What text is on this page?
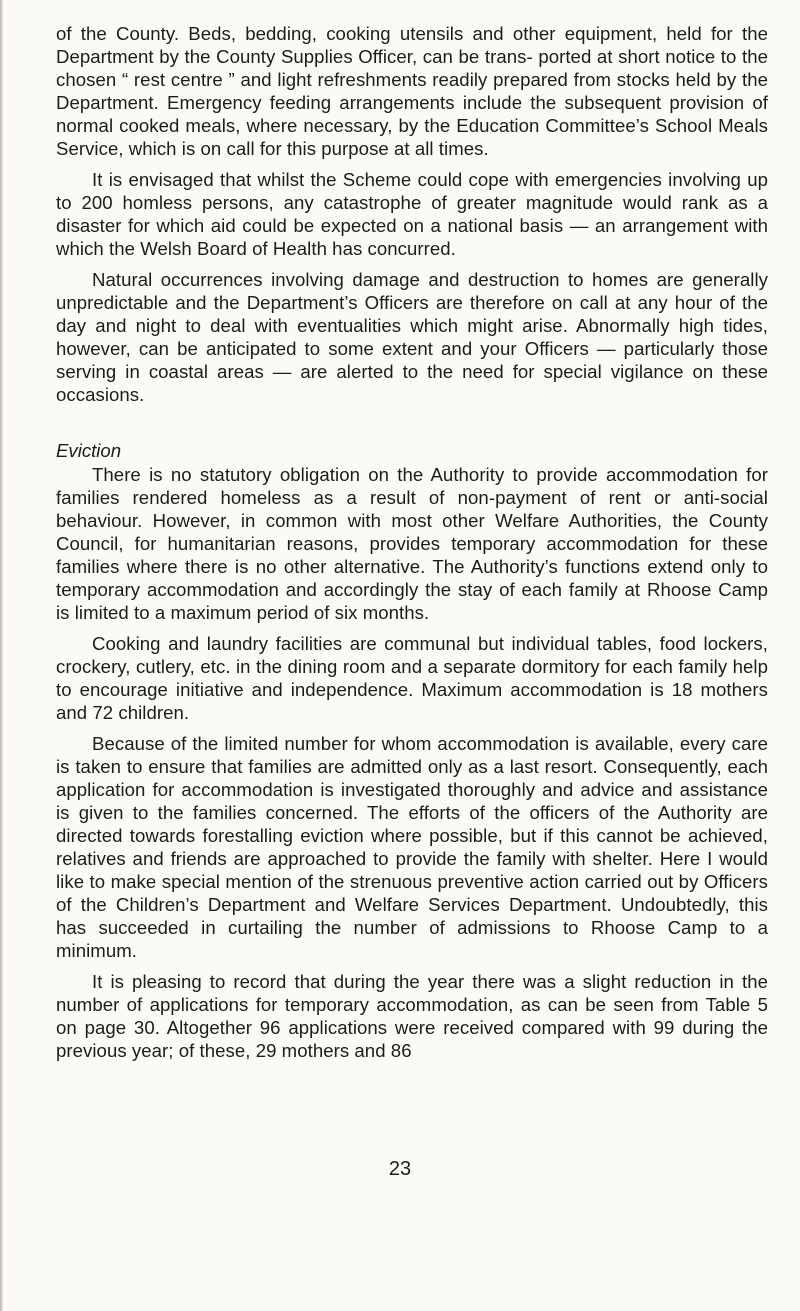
of the County. Beds, bedding, cooking utensils and other equipment, held for the Department by the County Supplies Officer, can be trans- ported at short notice to the chosen “ rest centre ” and light refreshments readily prepared from stocks held by the Department. Emergency feeding arrangements include the subsequent provision of normal cooked meals, where necessary, by the Education Committee’s School Meals Service, which is on call for this purpose at all times.

It is envisaged that whilst the Scheme could cope with emergencies involving up to 200 homless persons, any catastrophe of greater magnitude would rank as a disaster for which aid could be expected on a national basis — an arrangement with which the Welsh Board of Health has concurred.

Natural occurrences involving damage and destruction to homes are generally unpredictable and the Department’s Officers are therefore on call at any hour of the day and night to deal with eventualities which might arise. Abnormally high tides, however, can be anticipated to some extent and your Officers — particularly those serving in coastal areas — are alerted to the need for special vigilance on these occasions.

Eviction

There is no statutory obligation on the Authority to provide accommodation for families rendered homeless as a result of non-payment of rent or anti-social behaviour. However, in common with most other Welfare Authorities, the County Council, for humanitarian reasons, provides temporary accommodation for these families where there is no other alternative. The Authority’s functions extend only to temporary accommodation and accordingly the stay of each family at Rhoose Camp is limited to a maximum period of six months.

Cooking and laundry facilities are communal but individual tables, food lockers, crockery, cutlery, etc. in the dining room and a separate dormitory for each family help to encourage initiative and independence. Maximum accommodation is 18 mothers and 72 children.

Because of the limited number for whom accommodation is available, every care is taken to ensure that families are admitted only as a last resort. Consequently, each application for accommodation is investigated thoroughly and advice and assistance is given to the families concerned. The efforts of the officers of the Authority are directed towards forestalling eviction where possible, but if this cannot be achieved, relatives and friends are approached to provide the family with shelter. Here I would like to make special mention of the strenuous preventive action carried out by Officers of the Children’s Department and Welfare Services Department. Undoubtedly, this has succeeded in curtailing the number of admissions to Rhoose Camp to a minimum.

It is pleasing to record that during the year there was a slight reduction in the number of applications for temporary accommodation, as can be seen from Table 5 on page 30. Altogether 96 applications were received compared with 99 during the previous year; of these, 29 mothers and 86

23
